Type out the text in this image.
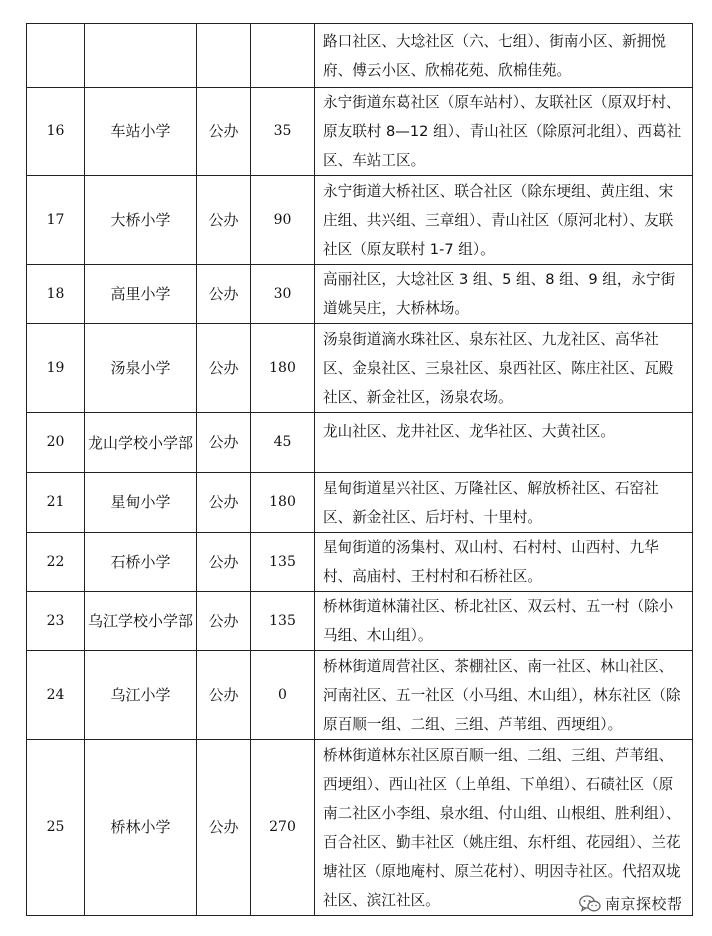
				路口社区、大埝社区（六、七组）、街南小区、新拥悦府、傅云小区、欣棉花苑、欣棉佳苑。
16	车站小学	公办	35	永宁街道东葛社区（原车站村）、友联社区（原双圩村、原友联村 8—12 组）、青山社区（除原河北组）、西葛社区、车站工区。
17	大桥小学	公办	90	永宁街道大桥社区、联合社区（除东埂组、黄庄组、宋庄组、共兴组、三章组）、青山社区（原河北村）、友联社区（原友联村 1-7 组）。
18	高里小学	公办	30	高丽社区，大埝社区 3 组、5 组、8 组、9 组，永宁街道姚吴庄，大桥林场。
19	汤泉小学	公办	180	汤泉街道滴水珠社区、泉东社区、九龙社区、高华社区、金泉社区、三泉社区、泉西社区、陈庄社区、瓦殿社区、新金社区，汤泉农场。
20	龙山学校小学部	公办	45	龙山社区、龙井社区、龙华社区、大黄社区。
21	星甸小学	公办	180	星甸街道星兴社区、万隆社区、解放桥社区、石窑社区、新金社区、后圩村、十里村。
22	石桥小学	公办	135	星甸街道的汤集村、双山村、石村村、山西村、九华村、高庙村、王村村和石桥社区。
23	乌江学校小学部	公办	135	桥林街道林蒲社区、桥北社区、双云村、五一村（除小马组、木山组）。
24	乌江小学	公办	0	桥林街道周营社区、茶棚社区、南一社区、林山社区、河南社区、五一社区（小马组、木山组），林东社区（除原百顺一组、二组、三组、芦苇组、西埂组）。
25	桥林小学	公办	270	桥林街道林东社区原百顺一组、二组、三组、芦苇组、西埂组）、西山社区（上单组、下单组）、石碛社区（原南二社区小李组、泉水组、付山组、山根组、胜利组）、百合社区、勤丰社区（姚庄组、东杆组、花园组）、兰花塘社区（原地庵村、原兰花村）、明因寺社区。代招双垅社区、滨江社区。	南京探校帮
